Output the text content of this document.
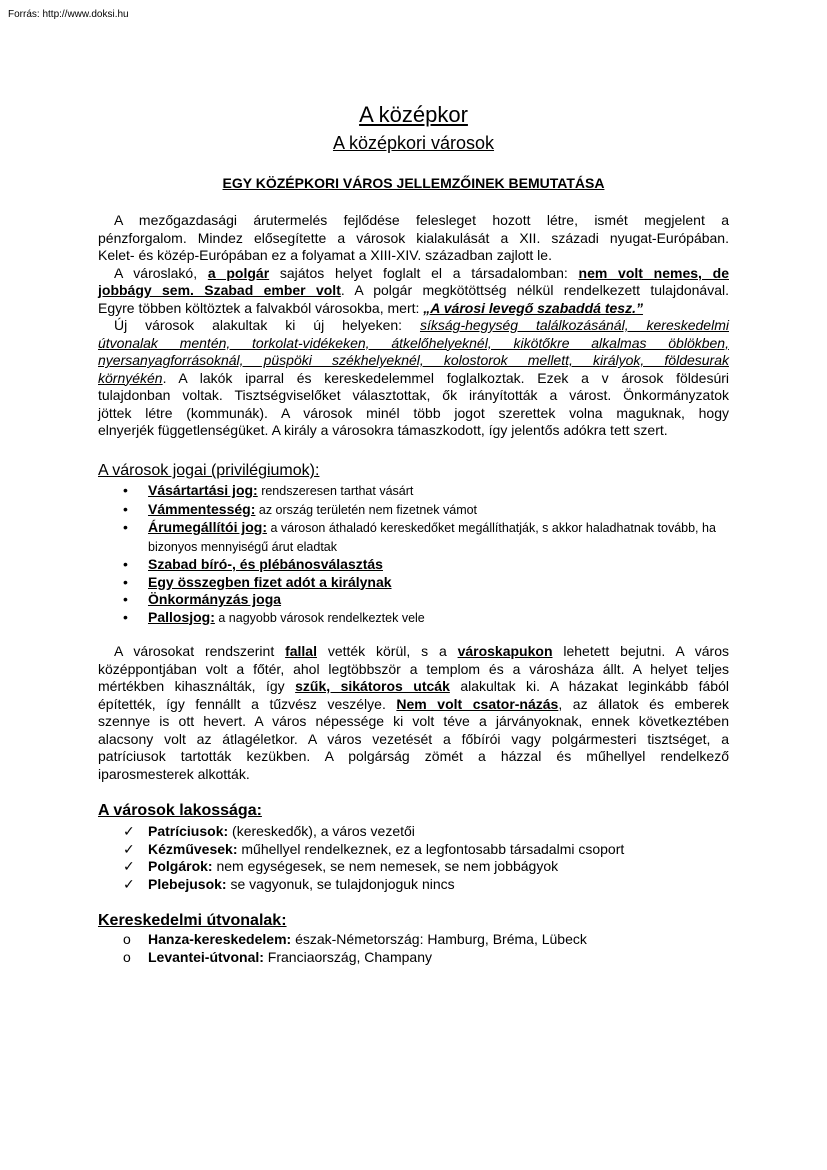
Forrás: http://www.doksi.hu
A középkor
A középkori városok
EGY KÖZÉPKORI VÁROS JELLEMZŐINEK BEMUTATÁSA
A mezőgazdasági árutermelés fejlődése felesleget hozott létre, ismét megjelent a
pénzforgalom. Mindez elősegítette a városok kialakulását a XII. századi nyugat-Európában.
Kelet- és közép-Európában ez a folyamat a XIII-XIV. században zajlott le.
A városlakó, a polgár sajátos helyet foglalt el a társadalomban: nem volt nemes, de
jobbágy sem. Szabad ember volt. A polgár megkötöttség nélkül rendelkezett tulajdonával.
Egyre többen költöztek a falvakból városokba, mert: „A városi levegő szabaddá tesz.”
Új városok alakultak ki új helyeken: síkság-hegység találkozásánál, kereskedelmi
útvonalak mentén, torkolat-vidékeken, átkelőhelyeknél, kikötőkre alkalmas öblökben,
nyersanyagforrásoknál, püspöki székhelyeknél, kolostorok mellett, királyok, földesurak
környékén. A lakók iparral és kereskedelemmel foglalkoztak. Ezek a v árosok földesúri
tulajdonban voltak. Tisztségviselőket választottak, ők irányították a várost. Önkormányzatok
jöttek létre (kommunák). A városok minél több jogot szerettek volna maguknak, hogy
elnyerjék függetlenségüket. A király a városokra támaszkodott, így jelentős adókra tett szert.
A városok jogai (privilégiumok):
•	Vásártartási jog: rendszeresen tarthat vásárt
•	Vámmentesség: az ország területén nem fizetnek vámot
•	Árumegállítói jog: a városon áthaladó kereskedőket megállíthatják, s akkor haladhatnak tovább, ha bizonyos mennyiségű árut eladtak
•	Szabad bíró-, és plébánosválasztás
•	Egy összegben fizet adót a királynak
•	Önkormányzás joga
•	Pallosjog: a nagyobb városok rendelkeztek vele
A városokat rendszerint fallal vették körül, s a városkapukon lehetett bejutni. A város
középpontjában volt a főtér, ahol legtöbbször a templom és a városháza állt. A helyet teljes
mértékben kihasználták, így szűk, sikátoros utcák alakultak ki. A házakat leginkább fából
építették, így fennállt a tűzvész veszélye. Nem volt csator-názás, az állatok és emberek
szennye is ott hevert. A város népessége ki volt téve a járványoknak, ennek következtében
alacsony volt az átlagéletkor. A város vezetését a főbírói vagy polgármesteri tisztséget, a
patríciusok tartották kezükben. A polgárság zömét a házzal és műhellyel rendelkező
iparosmesterek alkották.
A városok lakossága:
✓ Patríciusok: (kereskedők), a város vezetői
✓ Kézművesek: műhellyel rendelkeznek, ez a legfontosabb társadalmi csoport
✓ Polgárok: nem egységesek, se nem nemesek, se nem jobbágyok
✓ Plebejusok: se vagyonuk, se tulajdonjoguk nincs
Kereskedelmi útvonalak:
o	Hanza-kereskedelem: észak-Németország: Hamburg, Bréma, Lübeck
o	Levantei-útvonal: Franciaország, Champany
